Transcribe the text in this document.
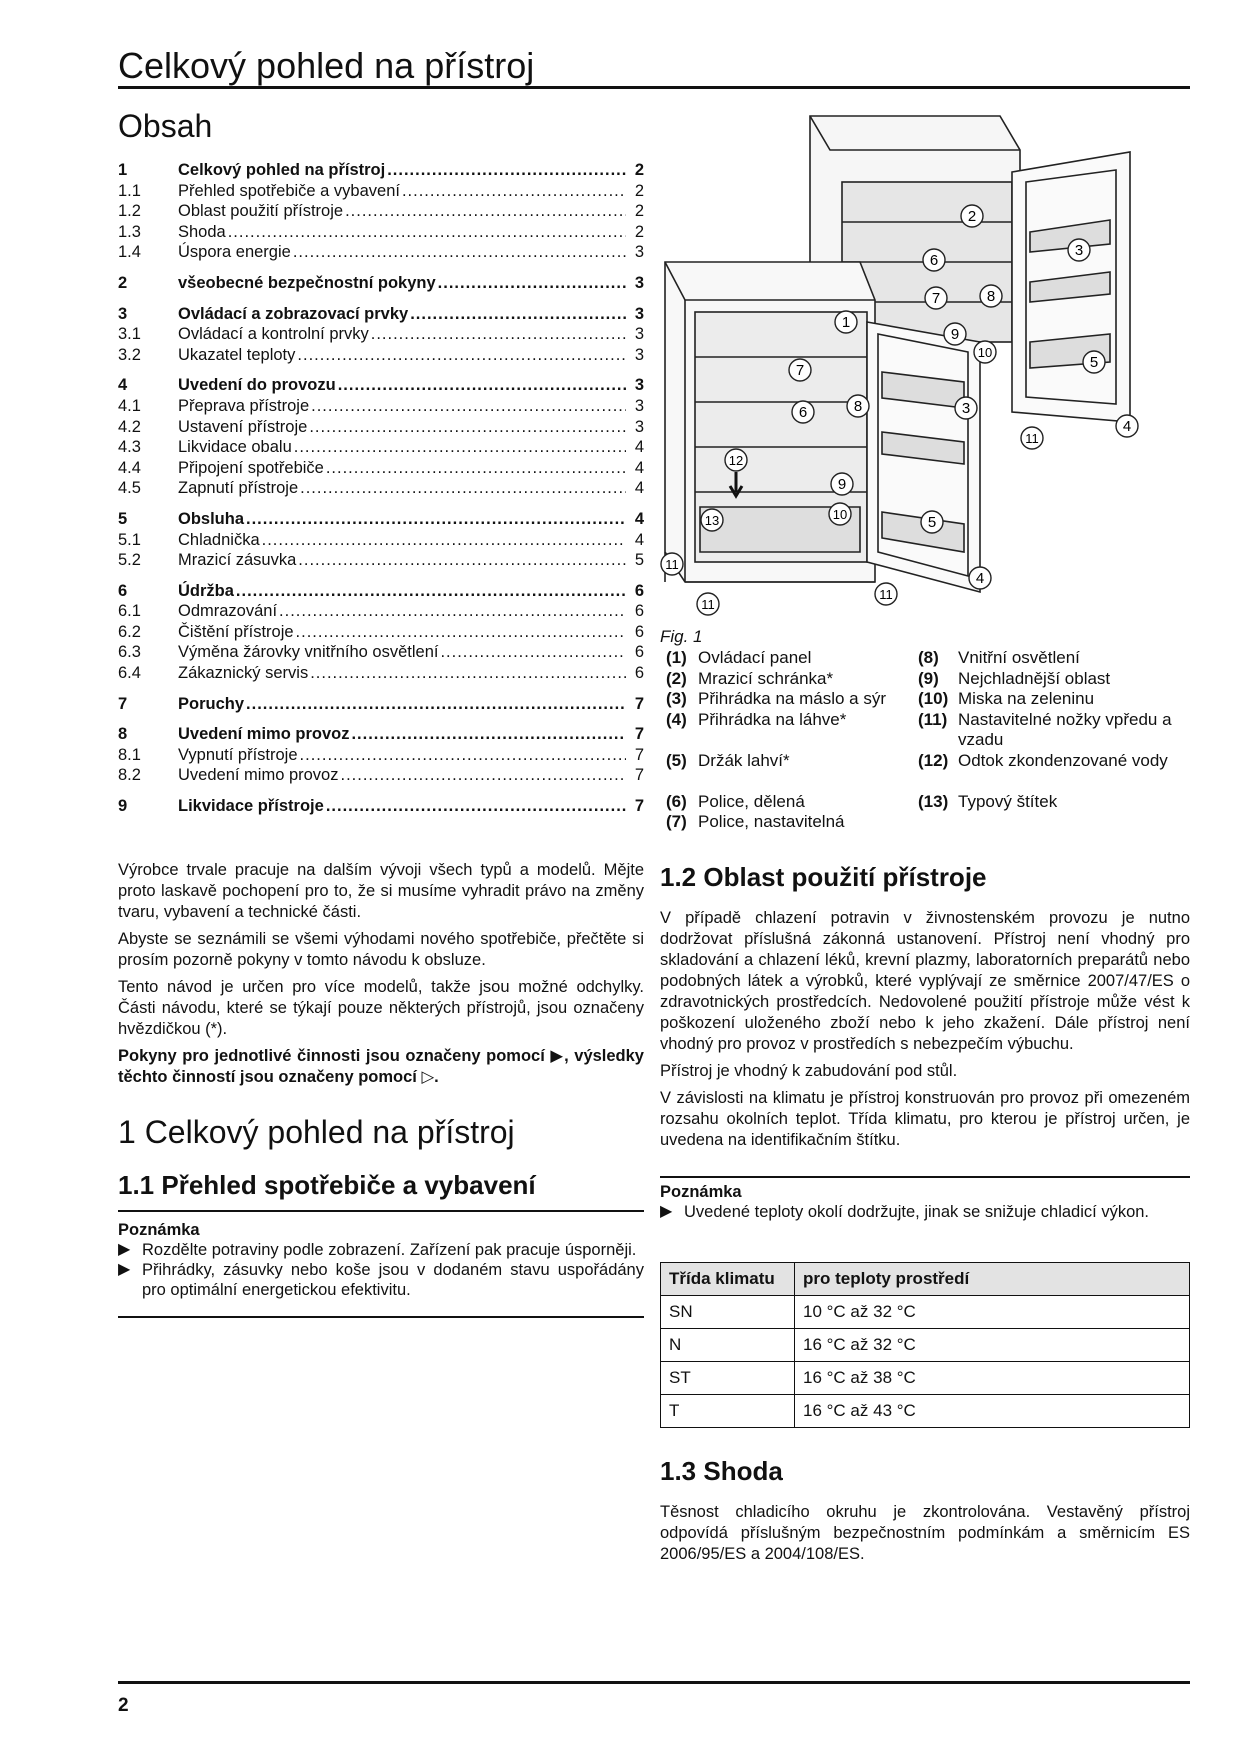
Celkový pohled na přístroj
Obsah
1	Celkový pohled na přístroj .....	2
1.1	Přehled spotřebiče a vybavení .....	2
1.2	Oblast použití přístroje .....	2
1.3	Shoda .....	2
1.4	Úspora energie .....	3
2	všeobecné bezpečnostní pokyny .....	3
3	Ovládací a zobrazovací prvky .....	3
3.1	Ovládací a kontrolní prvky .....	3
3.2	Ukazatel teploty .....	3
4	Uvedení do provozu .....	3
4.1	Přeprava přístroje .....	3
4.2	Ustavení přístroje .....	3
4.3	Likvidace obalu .....	4
4.4	Připojení spotřebiče .....	4
4.5	Zapnutí přístroje .....	4
5	Obsluha .....	4
5.1	Chladnička .....	4
5.2	Mrazicí zásuvka .....	5
6	Údržba .....	6
6.1	Odmrazování .....	6
6.2	Čištění přístroje .....	6
6.3	Výměna žárovky vnitřního osvětlení .....	6
6.4	Zákaznický servis .....	6
7	Poruchy .....	7
8	Uvedení mimo provoz .....	7
8.1	Vypnutí přístroje .....	7
8.2	Uvedení mimo provoz .....	7
9	Likvidace přístroje .....	7

Výrobce trvale pracuje na dalším vývoji všech typů a modelů. Mějte proto laskavě pochopení pro to, že si musíme vyhradit právo na změny tvaru, vybavení a technické části.

Abyste se seznámili se všemi výhodami nového spotřebiče, přečtěte si prosím pozorně pokyny v tomto návodu k obsluze.

Tento návod je určen pro více modelů, takže jsou možné odchylky. Části návodu, které se týkají pouze některých přístrojů, jsou označeny hvězdičkou (*).

Pokyny pro jednotlivé činnosti jsou označeny pomocí ▶, výsledky těchto činností jsou označeny pomocí ▷.

1 Celkový pohled na přístroj
1.1 Přehled spotřebiče a vybavení
Poznámka
▶ Rozdělte potraviny podle zobrazení. Zařízení pak pracuje úsporněji.
▶ Přihrádky, zásuvky nebo koše jsou v dodaném stavu uspořádány pro optimální energetickou efektivitu.
1
2
3
3
4
4
5
5
6
6
7
7
8
8
9
9
10
10
11
11
11
11
12
13
Fig. 1
(1) Ovládací panel
(2) Mrazicí schránka*
(3) Přihrádka na máslo a sýr
(4) Přihrádka na láhve*
(5) Držák lahví*
(6) Police, dělená
(7) Police, nastavitelná
(8)	Vnitřní osvětlení
(9)	Nejchladnější oblast
(10) Miska na zeleninu
(11) Nastavitelné nožky vpředu a vzadu
(12) Odtok zkondenzované vody
(13) Typový štítek
1.2 Oblast použití přístroje

V případě chlazení potravin v živnostenském provozu je nutno dodržovat příslušná zákonná ustanovení. Přístroj není vhodný pro skladování a chlazení léků, krevní plazmy, laboratorních preparátů nebo podobných látek a výrobků, které vyplývají ze směrnice 2007/47/ES o zdravotnických prostředcích. Nedovolené použití přístroje může vést k poškození uloženého zboží nebo k jeho zkažení. Dále přístroj není vhodný pro provoz v prostředích s nebezpečím výbuchu.

Přístroj je vhodný k zabudování pod stůl.

V závislosti na klimatu je přístroj konstruován pro provoz při omezeném rozsahu okolních teplot. Třída klimatu, pro kterou je přístroj určen, je uvedena na identifikačním štítku.

Poznámka
▶ Uvedené teploty okolí dodržujte, jinak se snižuje chladicí výkon.
Třída klimatu	pro teploty prostředí
SN	10 °C až 32 °C
N	16 °C až 32 °C
ST	16 °C až 38 °C
T	16 °C až 43 °C
1.3 Shoda

Těsnost chladicího okruhu je zkontrolována. Vestavěný přístroj odpovídá příslušným bezpečnostním podmínkám a směrnicím ES 2006/95/ES a 2004/108/ES.

2
